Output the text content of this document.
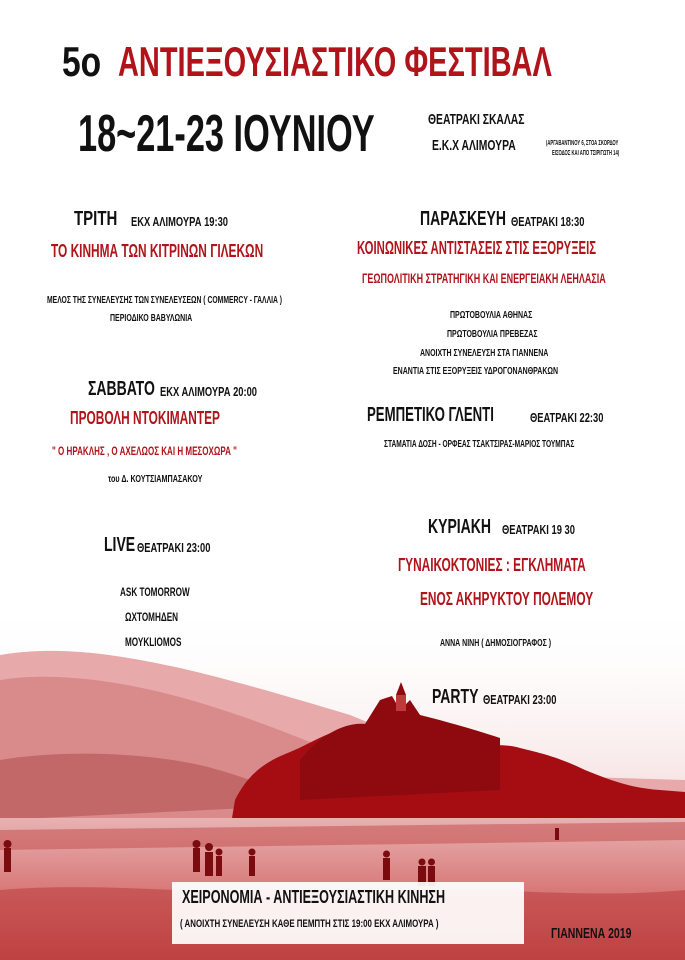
5ο ΑΝΤΙΕΞΟΥΣΙΑΣΤΙΚΟ ΦΕΣΤΙΒΑΛ
18~21-23 ΙΟΥΝΙΟΥ	ΘΕΑΤΡΑΚΙ ΣΚΑΛΑΣ
Ε.Κ.Χ ΑΛΙΜΟΥΡΑ	(ΑΡΓΑΒΑΝΤΙΝΟΥ 6, ΣΤΟΑ ΣΚΟΡΔΟΥ
ΕΙΣΟΔΟΣ ΚΑΙ ΑΠΟ ΤΣΙΡΙΓΩΤΗ 14)
ΤΡΙΤΗ	ΕΚΧ ΑΛΙΜΟΥΡΑ 19:30
ΤΟ ΚΙΝΗΜΑ ΤΩΝ ΚΙΤΡΙΝΩΝ ΓΙΛΕΚΩΝ
ΜΕΛΟΣ ΤΗΣ ΣΥΝΕΛΕΥΣΗΣ ΤΩΝ ΣΥΝΕΛΕΥΣΕΩΝ ( COMMERCY - ΓΑΛΛΙΑ )
ΠΕΡΙΟΔΙΚΟ ΒΑΒΥΛΩΝΙΑ
ΠΑΡΑΣΚΕΥΗ ΘΕΑΤΡΑΚΙ 18:30
ΚΟΙΝΩΝΙΚΕΣ ΑΝΤΙΣΤΑΣΕΙΣ ΣΤΙΣ ΕΞΟΡΥΞΕΙΣ
ΓΕΩΠΟΛΙΤΙΚΗ ΣΤΡΑΤΗΓΙΚΗ ΚΑΙ ΕΝΕΡΓΕΙΑΚΗ ΛΕΗΛΑΣΙΑ
ΠΡΩΤΟΒΟΥΛΙΑ ΑΘΗΝΑΣ
ΠΡΩΤΟΒΟΥΛΙΑ ΠΡΕΒΕΖΑΣ
ΑΝΟΙΧΤΗ ΣΥΝΕΛΕΥΣΗ ΣΤΑ ΓΙΑΝΝΕΝΑ
ΕΝΑΝΤΙΑ ΣΤΙΣ ΕΞΟΡΥΞΕΙΣ ΥΔΡΟΓΟΝΑΝΘΡΑΚΩΝ
ΣΑΒΒΑΤΟ ΕΚΧ ΑΛΙΜΟΥΡΑ 20:00
ΠΡΟΒΟΛΗ ΝΤΟΚΙΜΑΝΤΕΡ
" Ο ΗΡΑΚΛΗΣ , Ο ΑΧΕΛΩΟΣ ΚΑΙ Η ΜΕΣΟΧΩΡΑ "
του Δ. ΚΟΥΤΣΙΑΜΠΑΣΑΚΟΥ
ΡΕΜΠΕΤΙΚΟ ΓΛΕΝΤΙ	ΘΕΑΤΡΑΚΙ 22:30
ΣΤΑΜΑΤΙΑ ΔΟΣΗ - ΟΡΦΕΑΣ ΤΣΑΚΤΣΙΡΑΣ-ΜΑΡΙΟΣ ΤΟΥΜΠΑΣ
LIVE ΘΕΑΤΡΑΚΙ 23:00
ASK TOMORROW
ΩΧΤΟΜΗΔΕΝ
ΜΟΥΚLIOMOS
ΚΥΡΙΑΚΗ ΘΕΑΤΡΑΚΙ 19 30
ΓΥΝΑΙΚΟΚΤΟΝΙΕΣ : ΕΓΚΛΗΜΑΤΑ
ΕΝΟΣ ΑΚΗΡΥΚΤΟΥ ΠΟΛΕΜΟΥ
ΑΝΝΑ ΝΙΝΗ ( ΔΗΜΟΣΙΟΓΡΑΦΟΣ )
PARTY ΘΕΑΤΡΑΚΙ 23:00
ΧΕΙΡΟΝΟΜΙΑ - ΑΝΤΙΕΞΟΥΣΙΑΣΤΙΚΗ ΚΙΝΗΣΗ
( ΑΝΟΙΧΤΗ ΣΥΝΕΛΕΥΣΗ ΚΑΘΕ ΠΕΜΠΤΗ ΣΤΙΣ 19:00 ΕΚΧ ΑΛΙΜΟΥΡΑ )
ΓΙΑΝΝΕΝΑ 2019
